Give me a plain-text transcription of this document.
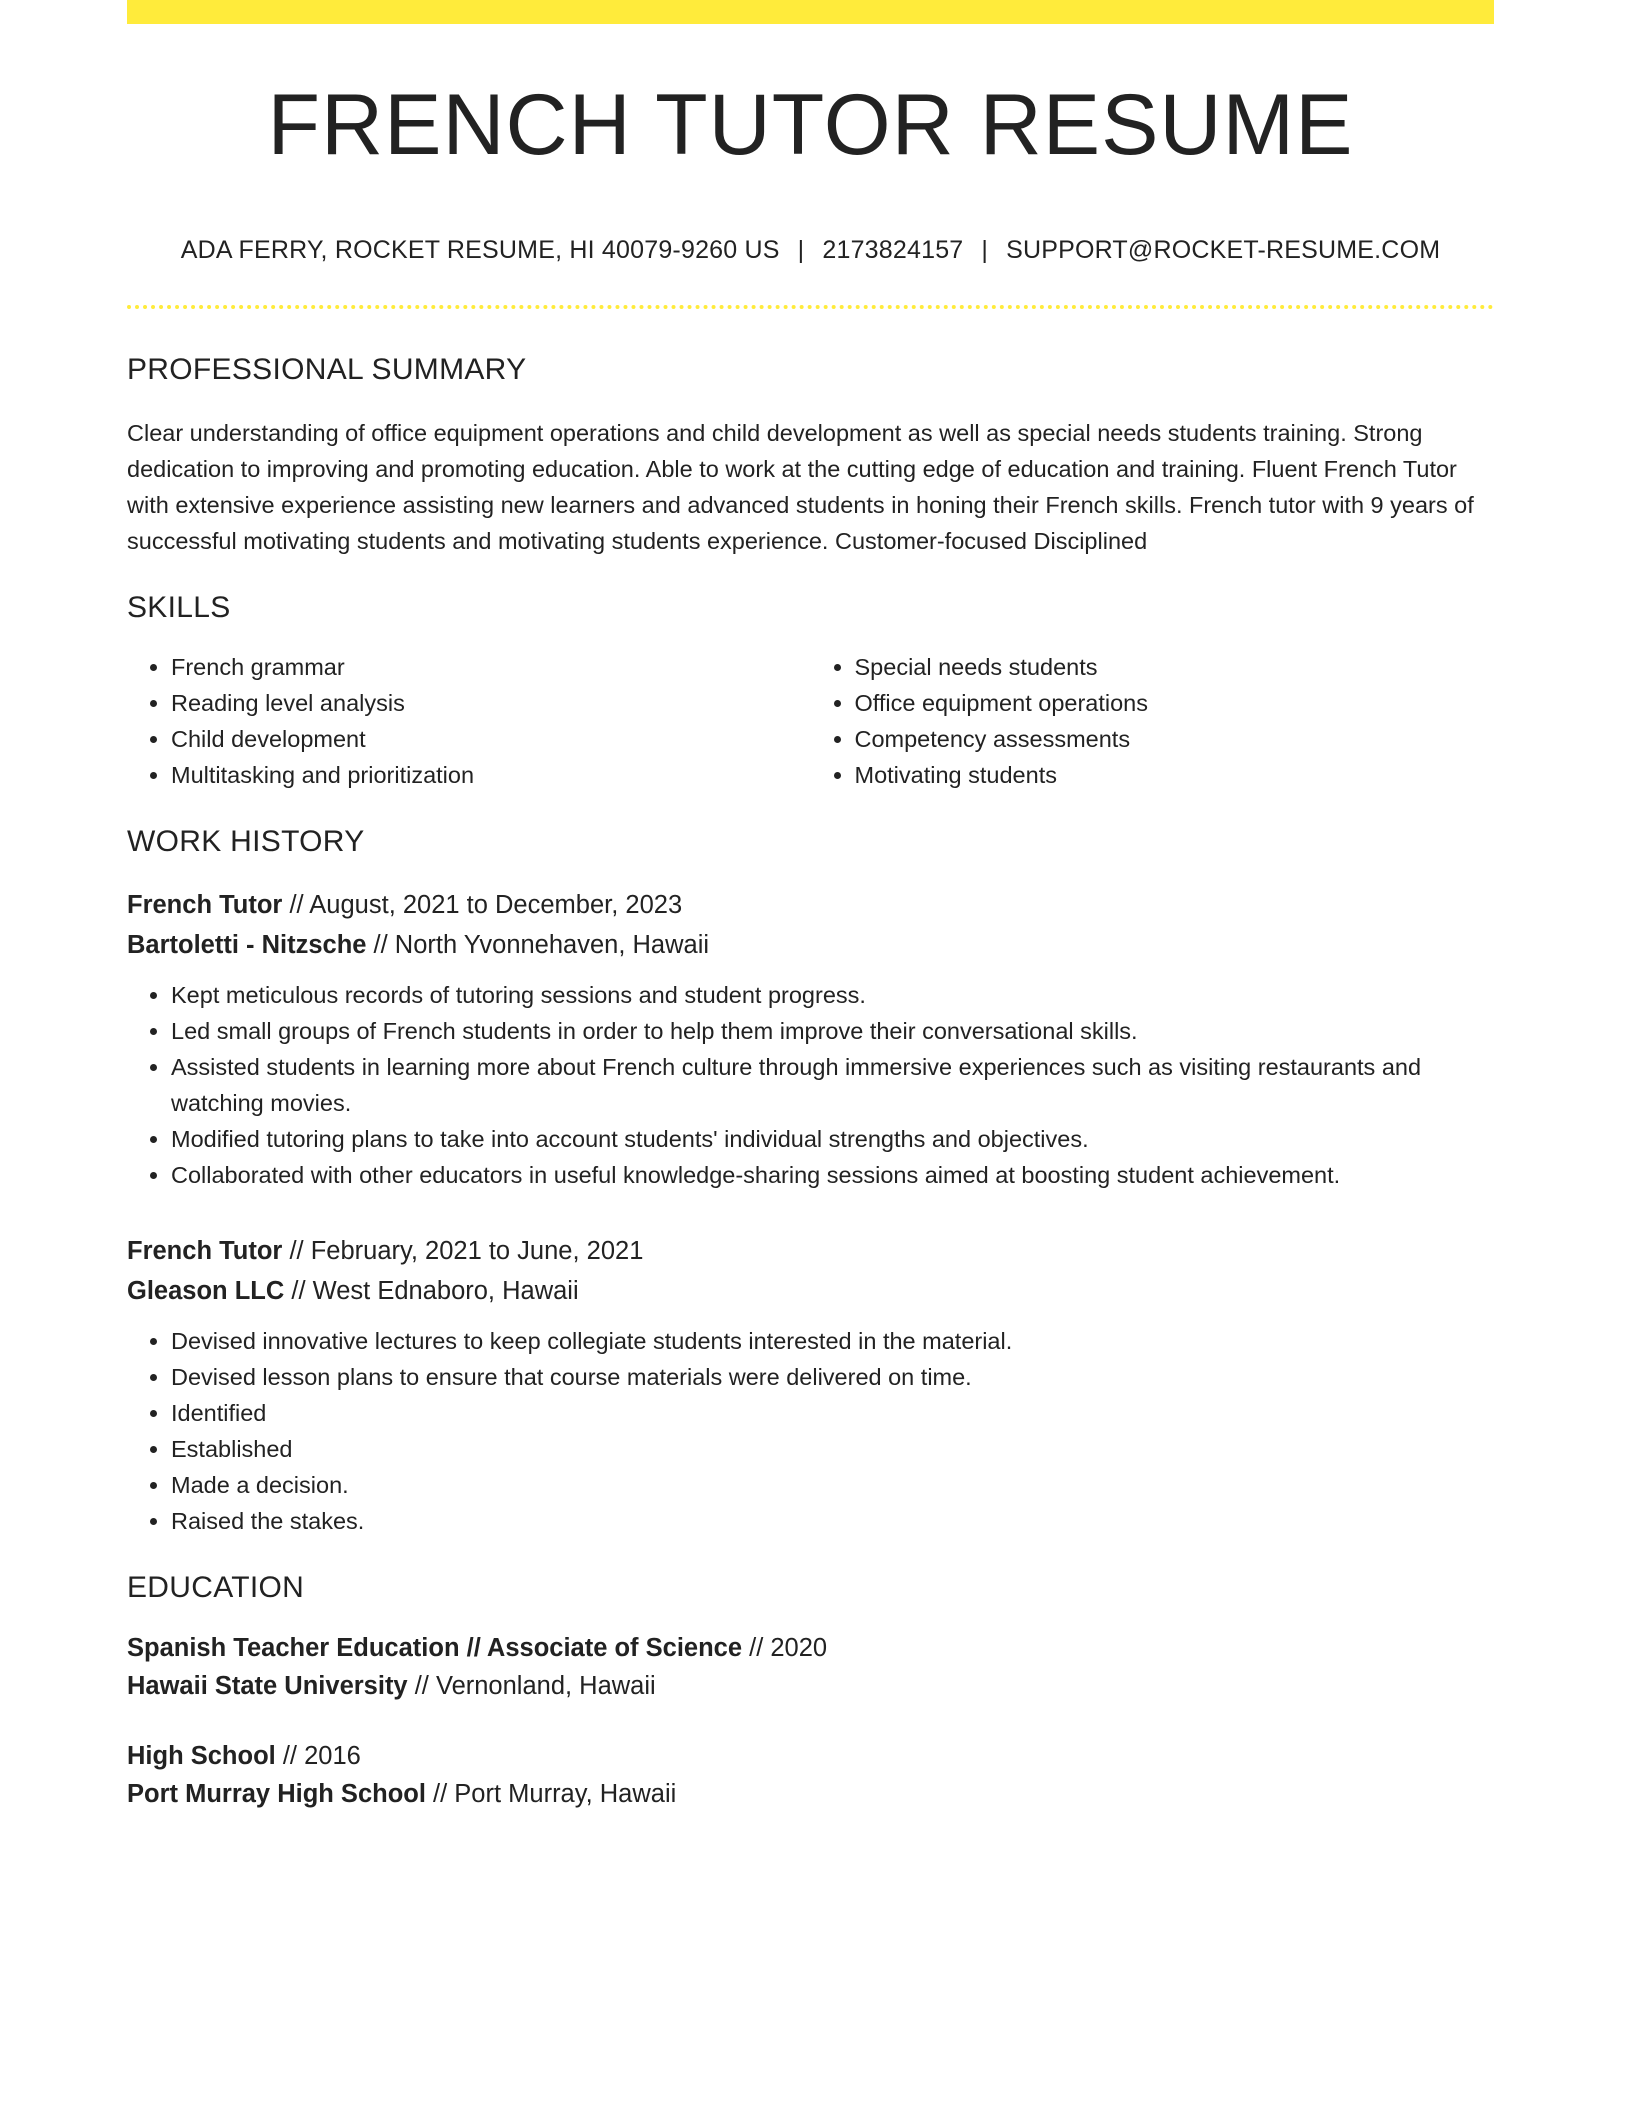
FRENCH TUTOR RESUME
ADA FERRY, ROCKET RESUME, HI 40079-9260 US | 2173824157 | SUPPORT@ROCKET-RESUME.COM
PROFESSIONAL SUMMARY
Clear understanding of office equipment operations and child development as well as special needs students training. Strong dedication to improving and promoting education. Able to work at the cutting edge of education and training. Fluent French Tutor with extensive experience assisting new learners and advanced students in honing their French skills. French tutor with 9 years of successful motivating students and motivating students experience. Customer-focused Disciplined
SKILLS
• French grammar
• Reading level analysis
• Child development
• Multitasking and prioritization
• Special needs students
• Office equipment operations
• Competency assessments
• Motivating students
WORK HISTORY
French Tutor // August, 2021 to December, 2023
Bartoletti - Nitzsche // North Yvonnehaven, Hawaii
• Kept meticulous records of tutoring sessions and student progress.
• Led small groups of French students in order to help them improve their conversational skills.
• Assisted students in learning more about French culture through immersive experiences such as visiting restaurants and watching movies.
• Modified tutoring plans to take into account students' individual strengths and objectives.
• Collaborated with other educators in useful knowledge-sharing sessions aimed at boosting student achievement.
French Tutor // February, 2021 to June, 2021
Gleason LLC // West Ednaboro, Hawaii
• Devised innovative lectures to keep collegiate students interested in the material.
• Devised lesson plans to ensure that course materials were delivered on time.
• Identified
• Established
• Made a decision.
• Raised the stakes.
EDUCATION
Spanish Teacher Education // Associate of Science // 2020
Hawaii State University // Vernonland, Hawaii
High School // 2016
Port Murray High School // Port Murray, Hawaii
